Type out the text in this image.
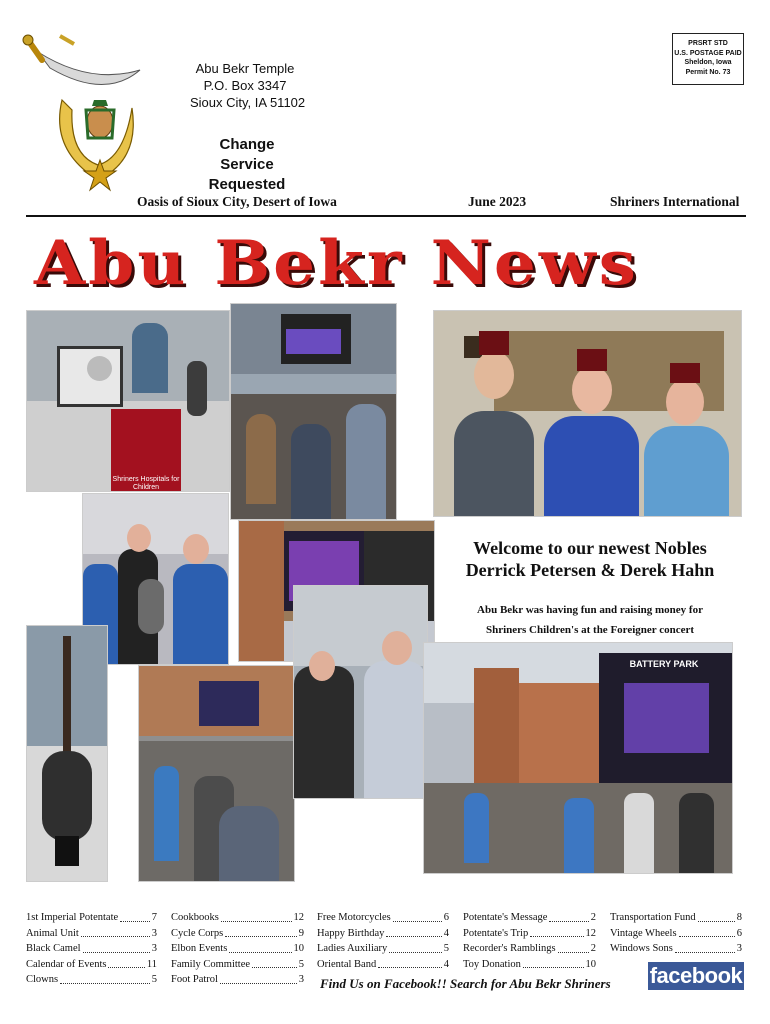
Abu Bekr Temple
P.O. Box 3347
Sioux City, IA 51102
Change Service
Requested
PRSRT STD
U.S. POSTAGE PAID
Sheldon, Iowa
Permit No. 73
Oasis of Sioux City, Desert of Iowa	June 2023	Shriners International
Abu Bekr News
Shriners Hospitals for Children
BATTERY PARK
Welcome to our newest Nobles
Derrick Petersen & Derek Hahn
Abu Bekr was having fun and raising money for
Shriners Children's at the Foreigner concert
1st Imperial Potentate	7
Animal Unit	3
Black Camel	3
Calendar of Events	11
Clowns	5
Cookbooks	12
Cycle Corps	9
Elbon Events	10
Family Committee	5
Foot Patrol	3
Free Motorcycles	6
Happy Birthday	4
Ladies Auxiliary	5
Oriental Band	4
Potentate's Message	2
Potentate's Trip	12
Recorder's Ramblings	2
Toy Donation	10
Transportation Fund	8
Vintage Wheels	6
Windows Sons	3
Find Us on Facebook!! Search for Abu Bekr Shriners facebook
